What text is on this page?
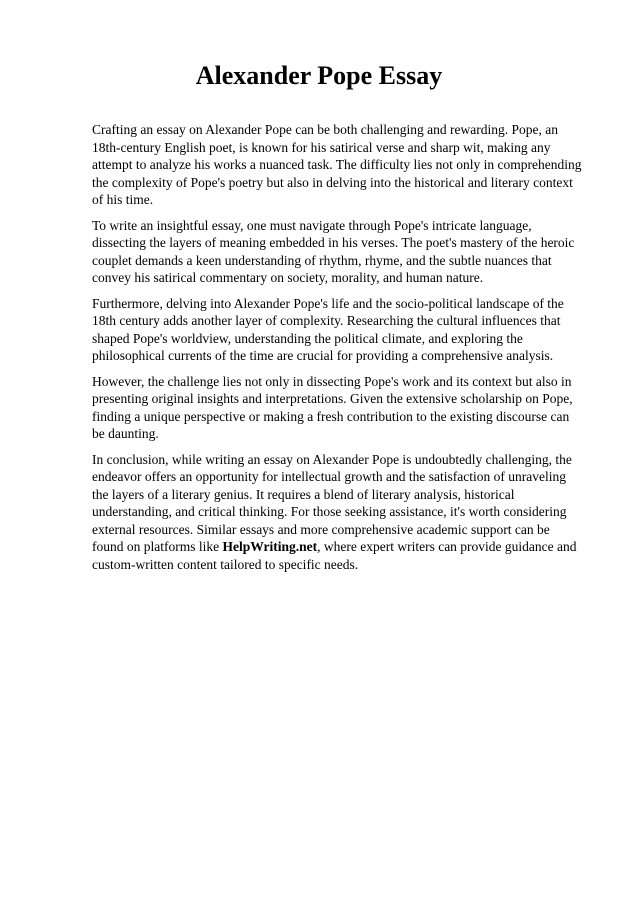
Alexander Pope Essay

Crafting an essay on Alexander Pope can be both challenging and rewarding. Pope, an 18th-century English poet, is known for his satirical verse and sharp wit, making any attempt to analyze his works a nuanced task. The difficulty lies not only in comprehending the complexity of Pope's poetry but also in delving into the historical and literary context of his time.

To write an insightful essay, one must navigate through Pope's intricate language, dissecting the layers of meaning embedded in his verses. The poet's mastery of the heroic couplet demands a keen understanding of rhythm, rhyme, and the subtle nuances that convey his satirical commentary on society, morality, and human nature.

Furthermore, delving into Alexander Pope's life and the socio-political landscape of the 18th century adds another layer of complexity. Researching the cultural influences that shaped Pope's worldview, understanding the political climate, and exploring the philosophical currents of the time are crucial for providing a comprehensive analysis.

However, the challenge lies not only in dissecting Pope's work and its context but also in presenting original insights and interpretations. Given the extensive scholarship on Pope, finding a unique perspective or making a fresh contribution to the existing discourse can be daunting.

In conclusion, while writing an essay on Alexander Pope is undoubtedly challenging, the endeavor offers an opportunity for intellectual growth and the satisfaction of unraveling the layers of a literary genius. It requires a blend of literary analysis, historical understanding, and critical thinking. For those seeking assistance, it's worth considering external resources. Similar essays and more comprehensive academic support can be found on platforms like HelpWriting.net, where expert writers can provide guidance and custom-written content tailored to specific needs.
